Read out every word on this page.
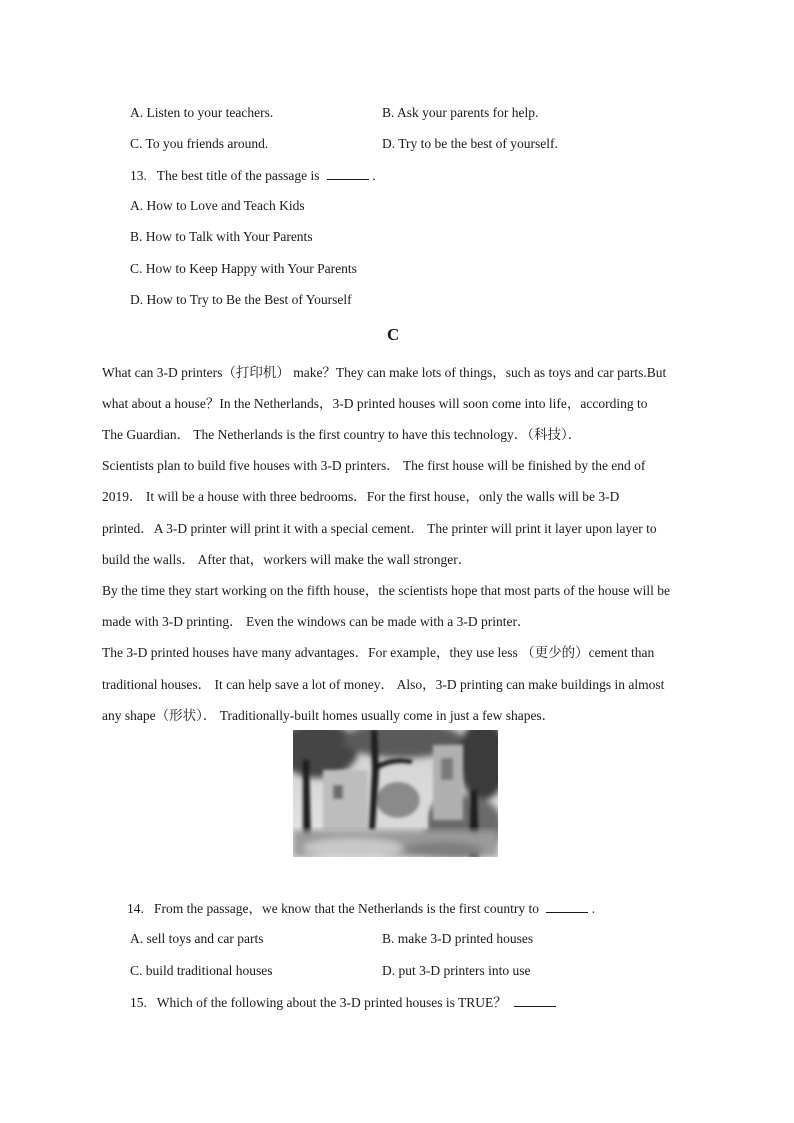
A. Listen to your teachers.	B. Ask your parents for help.
C. To you friends around.	D. Try to be the best of yourself.
13. The best title of the passage is	.
A. How to Love and Teach Kids
B. How to Talk with Your Parents
C. How to Keep Happy with Your Parents
D. How to Try to Be the Best of Yourself
C
What can 3-D printers（打印机） make？They can make lots of things，such as toys and car parts.But
what about a house？In the Netherlands，3-D printed houses will soon come into life，according to
The Guardian． The Netherlands is the first country to have this technology．（科技）．
Scientists plan to build five houses with 3-D printers． The first house will be finished by the end of
2019． It will be a house with three bedrooms．For the first house，only the walls will be 3-D
printed．A 3-D printer will print it with a special cement． The printer will print it layer upon layer to
build the walls． After that，workers will make the wall stronger．
By the time they start working on the fifth house，the scientists hope that most parts of the house will be
made with 3-D printing． Even the windows can be made with a 3-D printer．
The 3-D printed houses have many advantages．For example，they use less （更少的）cement than
traditional houses． It can help save a lot of money． Also，3-D printing can make buildings in almost
any shape（形状）． Traditionally-built homes usually come in just a few shapes．
14. From the passage，we know that the Netherlands is the first country to	.
A. sell toys and car parts	B. make 3-D printed houses
C. build traditional houses	D. put 3-D printers into use
15. Which of the following about the 3-D printed houses is TRUE？
